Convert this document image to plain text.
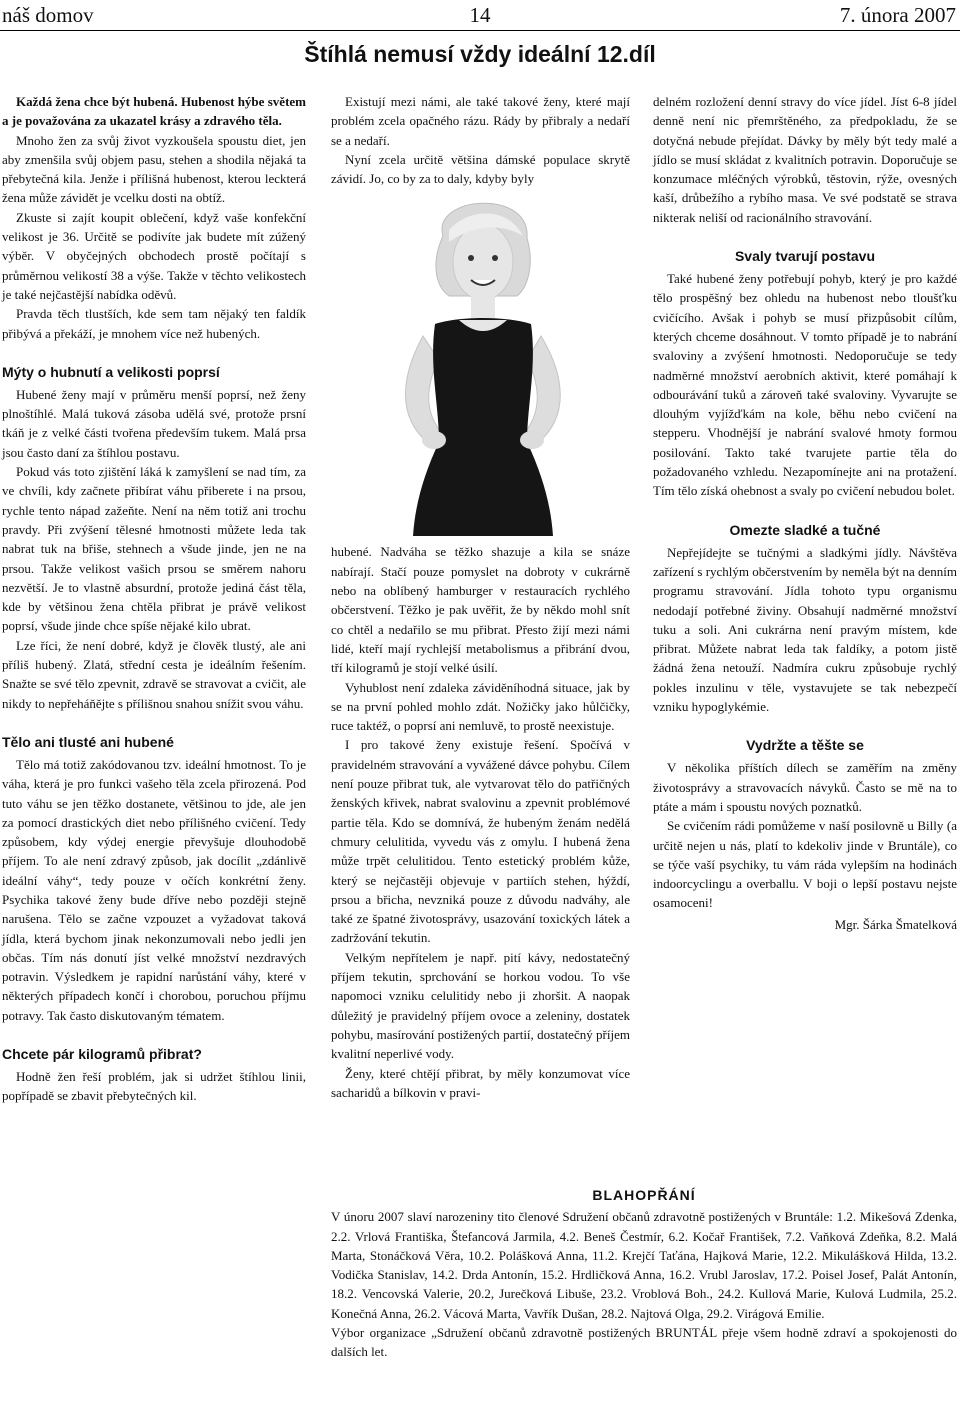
náš domov	14	7. února 2007
Štíhlá nemusí vždy ideální 12.díl

Každá žena chce být hubená. Hubenost hýbe světem a je považována za ukazatel krásy a zdravého těla.

Mnoho žen za svůj život vyzkoušela spoustu diet, jen aby zmenšila svůj objem pasu, stehen a shodila nějaká ta přebytečná kila. Jenže i přílišná hubenost, kterou leckterá žena může závidět je vcelku dosti na obtíž.

Zkuste si zajít koupit oblečení, když vaše konfekční velikost je 36. Určitě se podivíte jak budete mít zúžený výběr. V obyčejných obchodech prostě počítají s průměrnou velikostí 38 a výše. Takže v těchto velikostech je také nejčastější nabídka oděvů.

Pravda těch tlustších, kde sem tam nějaký ten faldík přibývá a překáží, je mnohem více než hubených.

Mýty o hubnutí a velikosti poprsí

Hubené ženy mají v průměru menší poprsí, než ženy plnoštíhlé. Malá tuková zásoba udělá své, protože prsní tkáň je z velké části tvořena především tukem. Malá prsa jsou často daní za štíhlou postavu.

Pokud vás toto zjištění láká k zamyšlení se nad tím, za ve chvíli, kdy začnete přibírat váhu přiberete i na prsou, rychle tento nápad zažeňte. Není na něm totiž ani trochu pravdy. Při zvýšení tělesné hmotnosti můžete leda tak nabrat tuk na břiše, stehnech a všude jinde, jen ne na prsou. Takže velikost vašich prsou se směrem nahoru nezvětší. Je to vlastně absurdní, protože jediná část těla, kde by většinou žena chtěla přibrat je právě velikost poprsí, všude jinde chce spíše nějaké kilo ubrat.

Lze říci, že není dobré, když je člověk tlustý, ale ani příliš hubený. Zlatá, střední cesta je ideálním řešením. Snažte se své tělo zpevnit, zdravě se stravovat a cvičit, ale nikdy to nepřeháňějte s přílišnou snahou snížit svou váhu.

Tělo ani tlusté ani hubené

Tělo má totiž zakódovanou tzv. ideální hmotnost. To je váha, která je pro funkci vašeho těla zcela přirozená. Pod tuto váhu se jen těžko dostanete, většinou to jde, ale jen za pomocí drastických diet nebo přílišného cvičení. Tedy způsobem, kdy výdej energie převyšuje dlouhodobě příjem. To ale není zdravý způsob, jak docílit „zdánlivě ideální váhy“, tedy pouze v očích konkrétní ženy. Psychika takové ženy bude dříve nebo později stejně narušena. Tělo se začne vzpouzet a vyžadovat taková jídla, která bychom jinak nekonzumovali nebo jedli jen občas. Tím nás donutí jíst velké množství nezdravých potravin. Výsledkem je rapidní narůstání váhy, které v některých případech končí i chorobou, poruchou příjmu potravy. Tak často diskutovaným tématem.

Chcete pár kilogramů přibrat?

Hodně žen řeší problém, jak si udržet štíhlou linii, popřípadě se zbavit přebytečných kil.

Existují mezi námi, ale také takové ženy, které mají problém zcela opačného rázu. Rády by přibraly a nedaří se a nedaří.

Nyní zcela určitě většina dámské populace skrytě závidí. Jo, co by za to daly, kdyby byly

hubené. Nadváha se těžko shazuje a kila se snáze nabírají. Stačí pouze pomyslet na dobroty v cukrárně nebo na oblíbený hamburger v restauracích rychlého občerstvení. Těžko je pak uvěřit, že by někdo mohl snít co chtěl a nedařilo se mu přibrat. Přesto žijí mezi námi lidé, kteří mají rychlejší metabolismus a přibrání dvou, tří kilogramů je stojí velké úsilí.

Vyhublost není zdaleka záviděníhodná situace, jak by se na první pohled mohlo zdát. Nožičky jako hůlčičky, ruce taktéž, o poprsí ani nemluvě, to prostě neexistuje.

I pro takové ženy existuje řešení. Spočívá v pravidelném stravování a vyvážené dávce pohybu. Cílem není pouze přibrat tuk, ale vytvarovat tělo do patřičných ženských křivek, nabrat svalovinu a zpevnit problémové partie těla. Kdo se domnívá, že hubeným ženám nedělá chmury celulitida, vyvedu vás z omylu. I hubená žena může trpět celulitidou. Tento estetický problém kůže, který se nejčastěji objevuje v partiích stehen, hýždí, prsou a břicha, nevzniká pouze z důvodu nadváhy, ale také ze špatné životosprávy, usazování toxických látek a zadržování tekutin.

Velkým nepřítelem je např. pití kávy, nedostatečný příjem tekutin, sprchování se horkou vodou. To vše napomoci vzniku celulitidy nebo ji zhoršit. A naopak důležitý je pravidelný příjem ovoce a zeleniny, dostatek pohybu, masírování postižených partií, dostatečný příjem kvalitní neperlivé vody.

Ženy, které chtějí přibrat, by měly konzumovat více sacharidů a bílkovin v pravi-

delném rozložení denní stravy do více jídel. Jíst 6-8 jídel denně není nic přemrštěného, za předpokladu, že se dotyčná nebude přejídat. Dávky by měly být tedy malé a jídlo se musí skládat z kvalitních potravin. Doporučuje se konzumace mléčných výrobků, těstovin, rýže, ovesných kaší, drůbežího a rybího masa. Ve své podstatě se strava nikterak neliší od racionálního stravování.

Svaly tvarují postavu

Také hubené ženy potřebují pohyb, který je pro každé tělo prospěšný bez ohledu na hubenost nebo tloušťku cvičícího. Avšak i pohyb se musí přizpůsobit cílům, kterých chceme dosáhnout. V tomto případě je to nabrání svaloviny a zvýšení hmotnosti. Nedoporučuje se tedy nadměrné množství aerobních aktivit, které pomáhají k odbourávání tuků a zároveň také svaloviny. Vyvarujte se dlouhým vyjížďkám na kole, běhu nebo cvičení na stepperu. Vhodnější je nabrání svalové hmoty formou posilování. Takto také tvarujete partie těla do požadovaného vzhledu. Nezapomínejte ani na protažení. Tím tělo získá ohebnost a svaly po cvičení nebudou bolet.

Omezte sladké a tučné

Nepřejídejte se tučnými a sladkými jídly. Návštěva zařízení s rychlým občerstvením by neměla být na denním programu stravování. Jídla tohoto typu organismu nedodají potřebné živiny. Obsahují nadměrné množství tuku a soli. Ani cukrárna není pravým místem, kde přibrat. Můžete nabrat leda tak faldíky, a potom jistě žádná žena netouží. Nadmíra cukru způsobuje rychlý pokles inzulinu v těle, vystavujete se tak nebezpečí vzniku hypoglykémie.

Vydržte a těšte se

V několika příštích dílech se zaměřím na změny životosprávy a stravovacích návyků. Často se mě na to ptáte a mám i spoustu nových poznatků.

Se cvičením rádi pomůžeme v naší posilovně u Billy (a určitě nejen u nás, platí to kdekoliv jinde v Bruntále), co se týče vaší psychiky, tu vám ráda vylepším na hodinách indoorcyclingu a overballu. V boji o lepší postavu nejste osamoceni!

Mgr. Šárka Šmatelková

BLAHOPŘÁNÍ

V únoru 2007 slaví narozeniny tito členové Sdružení občanů zdravotně postižených v Bruntále: 1.2. Mikešová Zdenka, 2.2. Vrlová Františka, Štefancová Jarmila, 4.2. Beneš Čestmír, 6.2. Kočař František, 7.2. Vaňková Zdeňka, 8.2. Malá Marta, Stonáčková Věra, 10.2. Polášková Anna, 11.2. Krejčí Taťána, Hajková Marie, 12.2. Mikulášková Hilda, 13.2. Vodička Stanislav, 14.2. Drda Antonín, 15.2. Hrdličková Anna, 16.2. Vrubl Jaroslav, 17.2. Poisel Josef, Palát Antonín, 18.2. Vencovská Valerie, 20.2, Jurečková Libuše, 23.2. Vroblová Boh., 24.2. Kullová Marie, Kulová Ludmila, 25.2. Konečná Anna, 26.2. Vácová Marta, Vavřík Dušan, 28.2. Najtová Olga, 29.2. Virágová Emilie.

Výbor organizace „Sdružení občanů zdravotně postižených BRUNTÁL přeje všem hodně zdraví a spokojenosti do dalších let.
